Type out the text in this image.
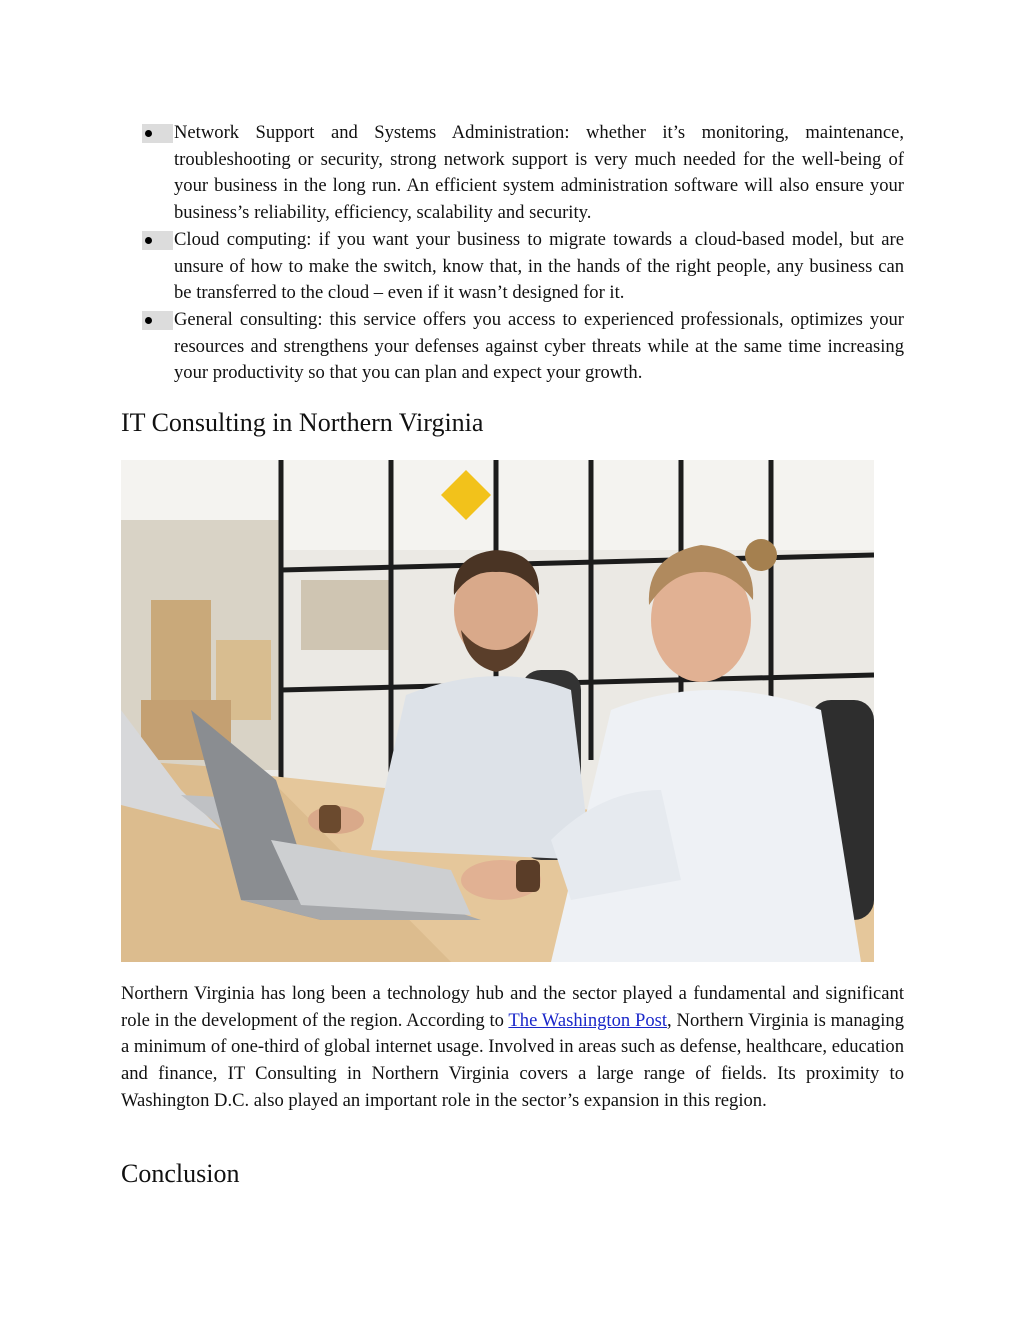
Network Support and Systems Administration: whether it’s monitoring, maintenance, troubleshooting or security, strong network support is very much needed for the well-being of your business in the long run. An efficient system administration software will also ensure your business’s reliability, efficiency, scalability and security.
Cloud computing: if you want your business to migrate towards a cloud-based model, but are unsure of how to make the switch, know that, in the hands of the right people, any business can be transferred to the cloud – even if it wasn’t designed for it.
General consulting: this service offers you access to experienced professionals, optimizes your resources and strengthens your defenses against cyber threats while at the same time increasing your productivity so that you can plan and expect your growth.
IT Consulting in Northern Virginia

Northern Virginia has long been a technology hub and the sector played a fundamental and significant role in the development of the region. According to The Washington Post, Northern Virginia is managing a minimum of one-third of global internet usage. Involved in areas such as defense, healthcare, education and finance, IT Consulting in Northern Virginia covers a large range of fields. Its proximity to Washington D.C. also played an important role in the sector’s expansion in this region.

Conclusion
